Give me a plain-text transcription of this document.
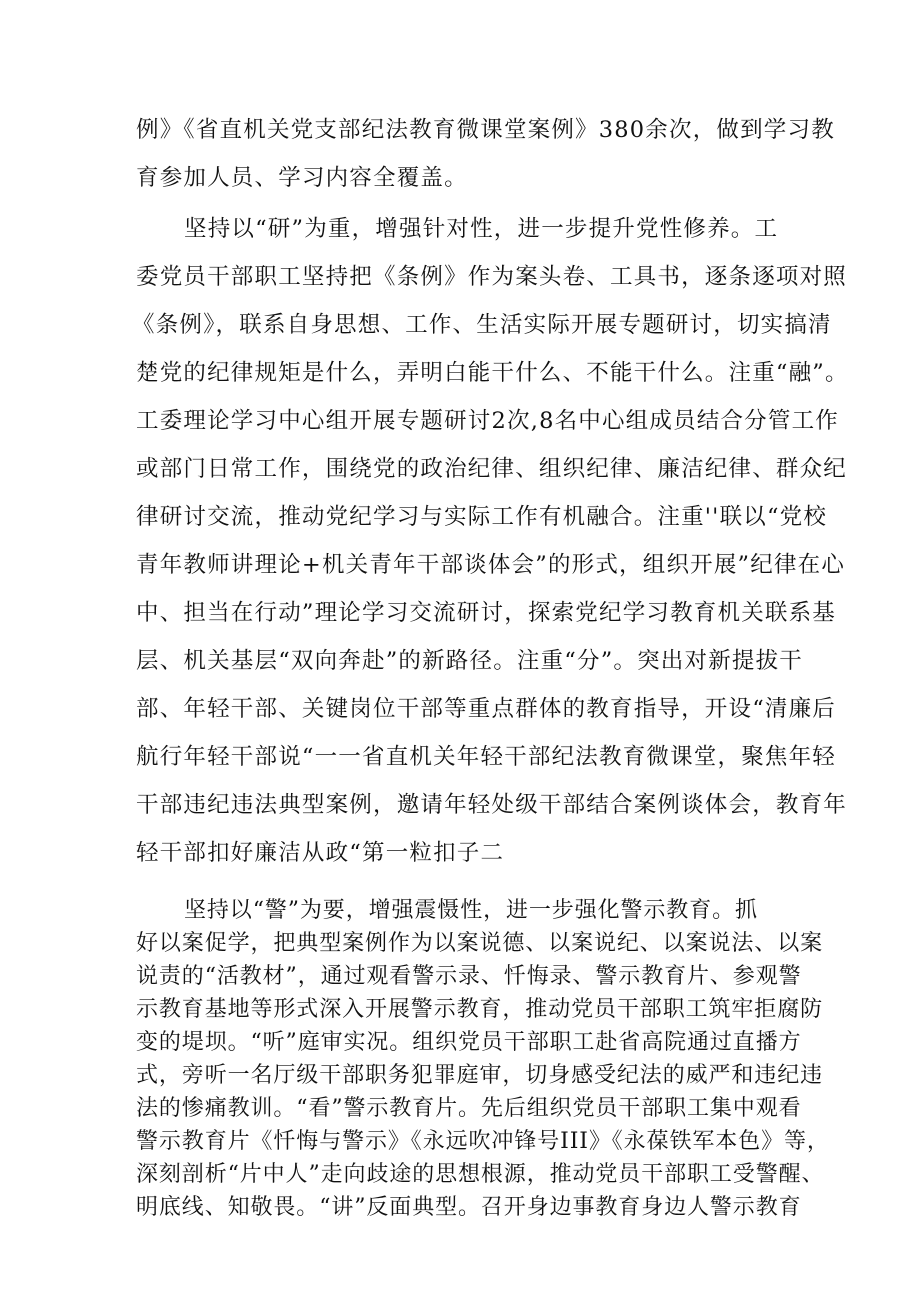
例》《省直机关党支部纪法教育微课堂案例》380余次，做到学习教
育参加人员、学习内容全覆盖。
坚持以“研”为重，增强针对性，进一步提升党性修养。工
委党员干部职工坚持把《条例》作为案头卷、工具书，逐条逐项对照
《条例》，联系自身思想、工作、生活实际开展专题研讨，切实搞清
楚党的纪律规矩是什么，弄明白能干什么、不能干什么。注重“融”。
工委理论学习中心组开展专题研讨2次,8名中心组成员结合分管工作
或部门日常工作，围绕党的政治纪律、组织纪律、廉洁纪律、群众纪
律研讨交流，推动党纪学习与实际工作有机融合。注重''联以“党校
青年教师讲理论+机关青年干部谈体会”的形式，组织开展”纪律在心
中、担当在行动”理论学习交流研讨，探索党纪学习教育机关联系基
层、机关基层“双向奔赴”的新路径。注重“分”。突出对新提拔干
部、年轻干部、关键岗位干部等重点群体的教育指导，开设“清廉后
航行年轻干部说“一一省直机关年轻干部纪法教育微课堂，聚焦年轻
干部违纪违法典型案例，邀请年轻处级干部结合案例谈体会，教育年
轻干部扣好廉洁从政“第一粒扣子二
坚持以“警”为要，增强震慑性，进一步强化警示教育。抓
好以案促学，把典型案例作为以案说德、以案说纪、以案说法、以案
说责的“活教材”，通过观看警示录、忏悔录、警示教育片、参观警
示教育基地等形式深入开展警示教育，推动党员干部职工筑牢拒腐防
变的堤坝。“听”庭审实况。组织党员干部职工赴省高院通过直播方
式，旁听一名厅级干部职务犯罪庭审，切身感受纪法的威严和违纪违
法的惨痛教训。“看”警示教育片。先后组织党员干部职工集中观看
警示教育片《忏悔与警示》《永远吹冲锋号III》《永葆铁军本色》等，
深刻剖析“片中人”走向歧途的思想根源，推动党员干部职工受警醒、
明底线、知敬畏。“讲”反面典型。召开身边事教育身边人警示教育
